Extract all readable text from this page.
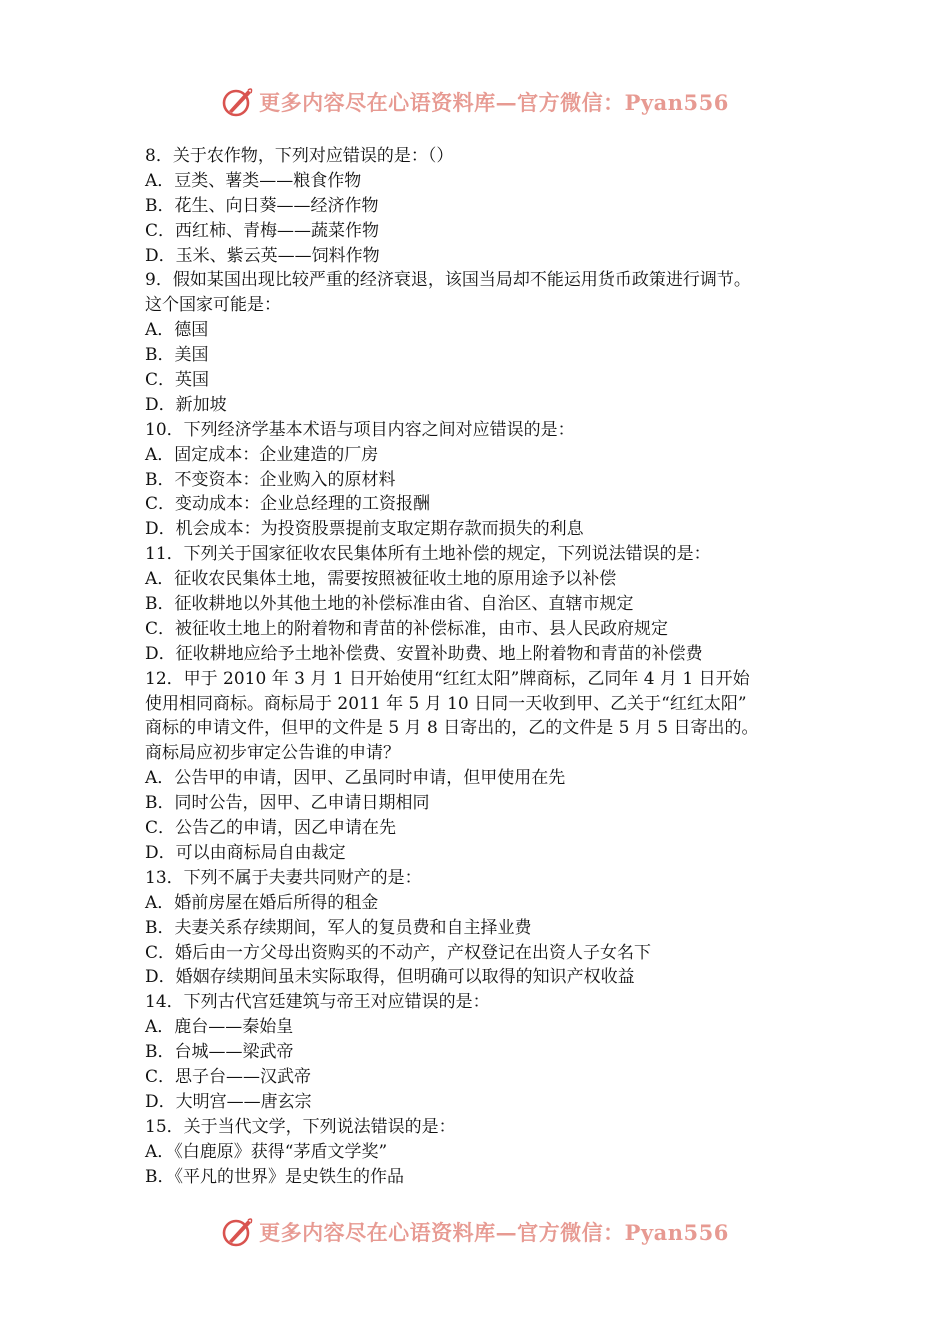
更多内容尽在心语资料库—官方微信：Pyan556
8．关于农作物，下列对应错误的是：（）
A．豆类、薯类——粮食作物
B．花生、向日葵——经济作物
C．西红柿、青梅——蔬菜作物
D．玉米、紫云英——饲料作物
9．假如某国出现比较严重的经济衰退，该国当局却不能运用货币政策进行调节。
这个国家可能是：
A．德国
B．美国
C．英国
D．新加坡
10．下列经济学基本术语与项目内容之间对应错误的是：
A．固定成本：企业建造的厂房
B．不变资本：企业购入的原材料
C．变动成本：企业总经理的工资报酬
D．机会成本：为投资股票提前支取定期存款而损失的利息
11．下列关于国家征收农民集体所有土地补偿的规定，下列说法错误的是：
A．征收农民集体土地，需要按照被征收土地的原用途予以补偿
B．征收耕地以外其他土地的补偿标准由省、自治区、直辖市规定
C．被征收土地上的附着物和青苗的补偿标准，由市、县人民政府规定
D．征收耕地应给予土地补偿费、安置补助费、地上附着物和青苗的补偿费
12．甲于 2010 年 3 月 1 日开始使用“红红太阳”牌商标，乙同年 4 月 1 日开始
使用相同商标。商标局于 2011 年 5 月 10 日同一天收到甲、乙关于“红红太阳”
商标的申请文件，但甲的文件是 5 月 8 日寄出的，乙的文件是 5 月 5 日寄出的。
商标局应初步审定公告谁的申请？
A．公告甲的申请，因甲、乙虽同时申请，但甲使用在先
B．同时公告，因甲、乙申请日期相同
C．公告乙的申请，因乙申请在先
D．可以由商标局自由裁定
13．下列不属于夫妻共同财产的是：
A．婚前房屋在婚后所得的租金
B．夫妻关系存续期间，军人的复员费和自主择业费
C．婚后由一方父母出资购买的不动产，产权登记在出资人子女名下
D．婚姻存续期间虽未实际取得，但明确可以取得的知识产权收益
14．下列古代宫廷建筑与帝王对应错误的是：
A．鹿台——秦始皇
B．台城——梁武帝
C．思子台——汉武帝
D．大明宫——唐玄宗
15．关于当代文学，下列说法错误的是：
A．《白鹿原》获得“茅盾文学奖”
B．《平凡的世界》是史铁生的作品
更多内容尽在心语资料库—官方微信：Pyan556
